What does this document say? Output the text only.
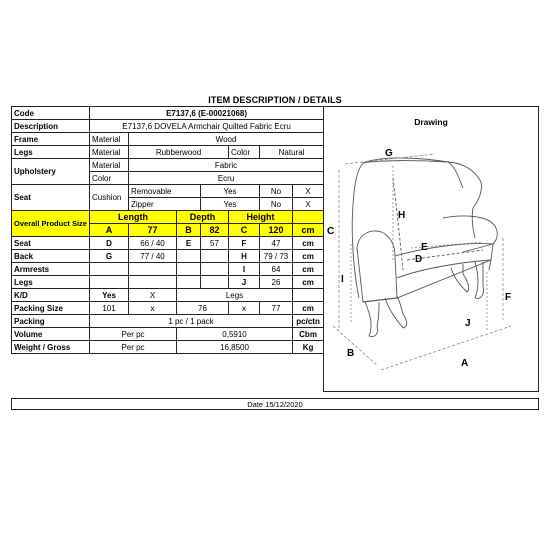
ITEM DESCRIPTION / DETAILS
Code	E7137,6 (E-00021068)						
Description	E7137,6 DOVELA Armchair Quilted Fabric Ecru						
Frame	Material	Wood					
Legs	Material	Rubberwood			Color	Natural	
Upholstery	Material	Fabric					
	Color	Ecru					
Seat	Cushion	Removable		Yes		No	X
		Zipper		Yes		No	X
Overall Product Size	Length		Depth		Height		
	A	77	B	82	C	120	cm
Seat	D	66 / 40	E	57	F	47	cm
Back	G	77 / 40			H	79 / 73	cm
Armrests					I	64	cm
Legs					J	26	cm
K/D	Yes	X	Legs				
Packing Size	101	x	76		x	77	cm
Packing	1 pc / 1 pack						pc/ctn
Volume	Per pc		0,5910				Cbm
Weight / Gross	Per pc		16,8500				Kg
Drawing
G
H
C
I
E
D
F
J
B
A
Date 15/12/2020
